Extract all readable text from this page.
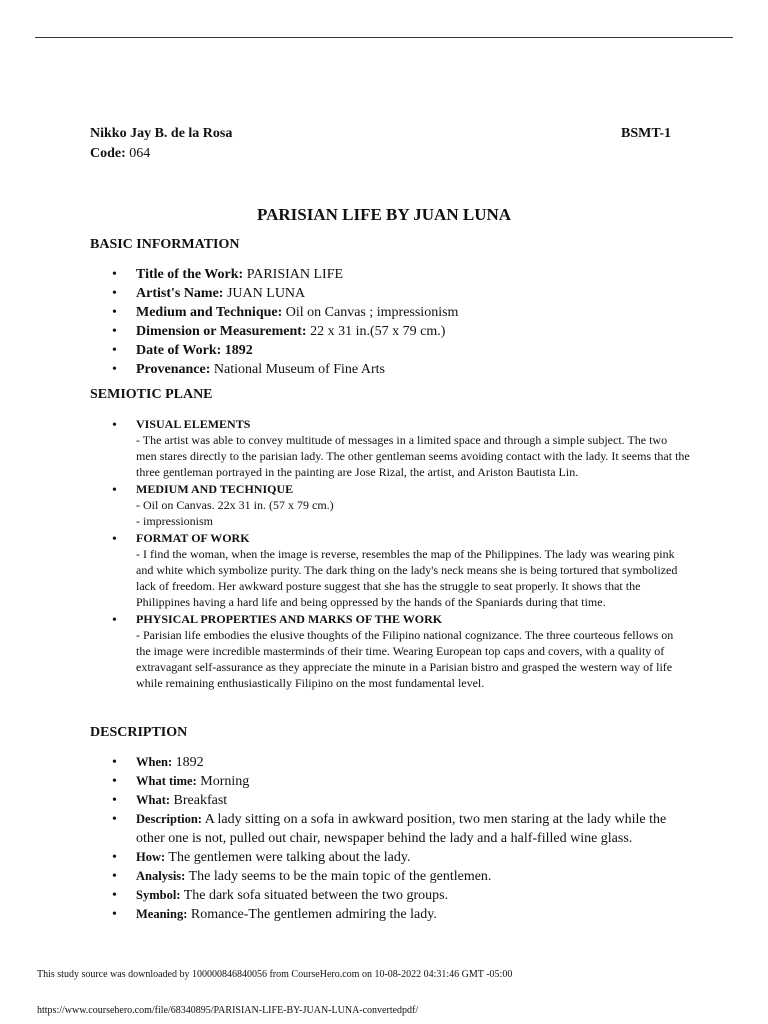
Nikko Jay B. de la Rosa	BSMT-1
Code: 064
PARISIAN LIFE BY JUAN LUNA
BASIC INFORMATION
• Title of the Work: PARISIAN LIFE
• Artist's Name: JUAN LUNA
• Medium and Technique: Oil on Canvas ; impressionism
• Dimension or Measurement: 22 x 31 in.(57 x 79 cm.)
• Date of Work: 1892
• Provenance: National Museum of Fine Arts
SEMIOTIC PLANE
• VISUAL ELEMENTS
- The artist was able to convey multitude of messages in a limited space and through a simple subject. The two men stares directly to the parisian lady. The other gentleman seems avoiding contact with the lady. It seems that the three gentleman portrayed in the painting are Jose Rizal, the artist, and Ariston Bautista Lin.
• MEDIUM AND TECHNIQUE
- Oil on Canvas. 22x 31 in. (57 x 79 cm.)
- impressionism
• FORMAT OF WORK
- I find the woman, when the image is reverse, resembles the map of the Philippines. The lady was wearing pink and white which symbolize purity. The dark thing on the lady's neck means she is being tortured that symbolized lack of freedom. Her awkward posture suggest that she has the struggle to seat properly. It shows that the Philippines having a hard life and being oppressed by the hands of the Spaniards during that time.
• PHYSICAL PROPERTIES AND MARKS OF THE WORK
- Parisian life embodies the elusive thoughts of the Filipino national cognizance. The three courteous fellows on the image were incredible masterminds of their time. Wearing European top caps and covers, with a quality of extravagant self-assurance as they appreciate the minute in a Parisian bistro and grasped the western way of life while remaining enthusiastically Filipino on the most fundamental level.
DESCRIPTION
• When: 1892
• What time: Morning
• What: Breakfast
• Description: A lady sitting on a sofa in awkward position, two men staring at the lady while the other one is not, pulled out chair, newspaper behind the lady and a half-filled wine glass.
• How: The gentlemen were talking about the lady.
• Analysis: The lady seems to be the main topic of the gentlemen.
• Symbol: The dark sofa situated between the two groups.
• Meaning: Romance-The gentlemen admiring the lady.
This study source was downloaded by 100000846840056 from CourseHero.com on 10-08-2022 04:31:46 GMT -05:00
https://www.coursehero.com/file/68340895/PARISIAN-LIFE-BY-JUAN-LUNA-convertedpdf/
